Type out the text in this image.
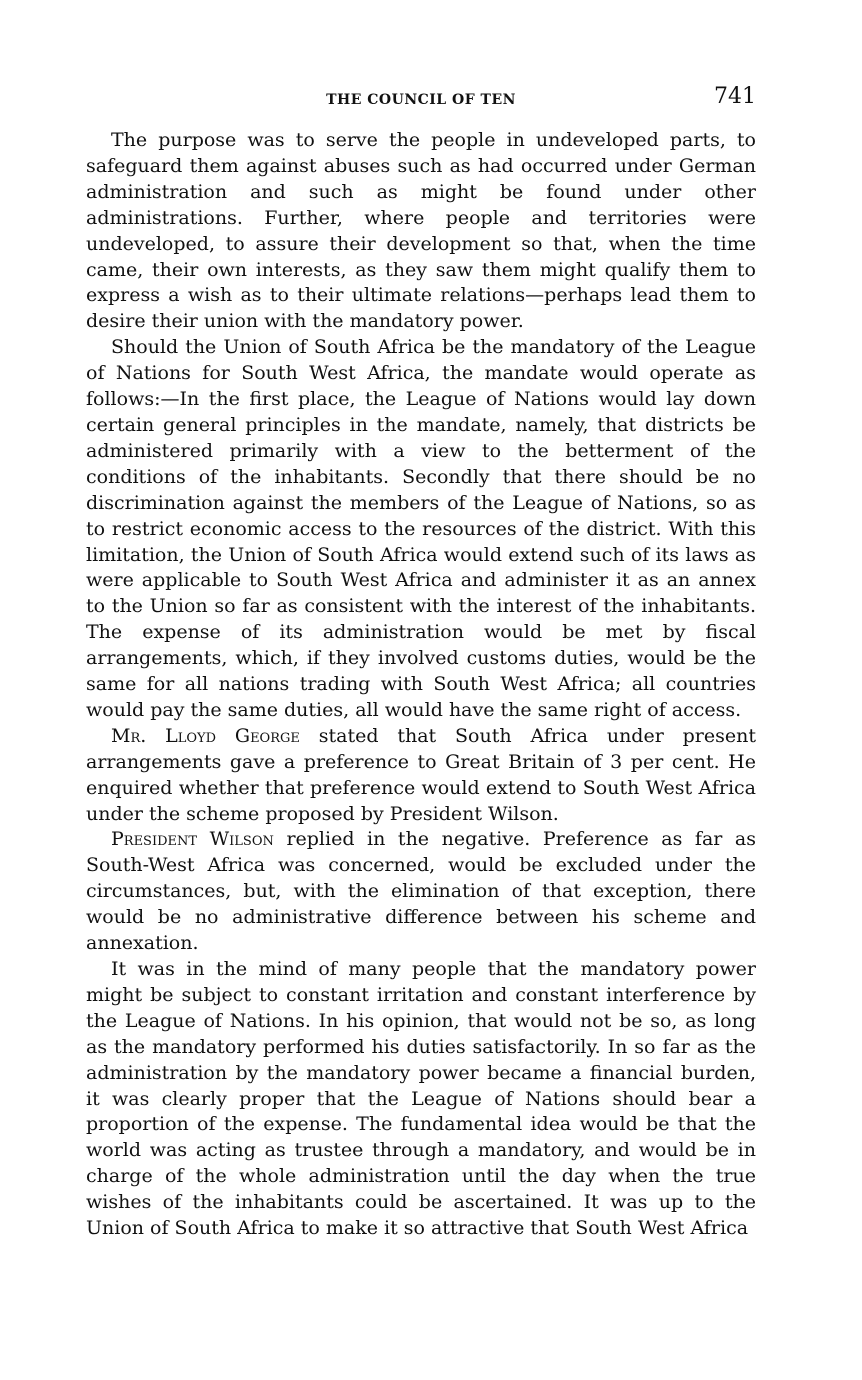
THE COUNCIL OF TEN	741

The purpose was to serve the people in undeveloped parts, to safeguard them against abuses such as had occurred under German administration and such as might be found under other administrations. Further, where people and territories were undeveloped, to assure their development so that, when the time came, their own interests, as they saw them might qualify them to express a wish as to their ultimate relations—perhaps lead them to desire their union with the mandatory power.

Should the Union of South Africa be the mandatory of the League of Nations for South West Africa, the mandate would operate as follows:—In the first place, the League of Nations would lay down certain general principles in the mandate, namely, that districts be administered primarily with a view to the betterment of the conditions of the inhabitants. Secondly that there should be no discrimination against the members of the League of Nations, so as to restrict economic access to the resources of the district. With this limitation, the Union of South Africa would extend such of its laws as were applicable to South West Africa and administer it as an annex to the Union so far as consistent with the interest of the inhabitants. The expense of its administration would be met by fiscal arrangements, which, if they involved customs duties, would be the same for all nations trading with South West Africa; all countries would pay the same duties, all would have the same right of access.

Mr. Lloyd George stated that South Africa under present arrangements gave a preference to Great Britain of 3 per cent. He enquired whether that preference would extend to South West Africa under the scheme proposed by President Wilson.

President Wilson replied in the negative. Preference as far as South-West Africa was concerned, would be excluded under the circumstances, but, with the elimination of that exception, there would be no administrative difference between his scheme and annexation.

It was in the mind of many people that the mandatory power might be subject to constant irritation and constant interference by the League of Nations. In his opinion, that would not be so, as long as the mandatory performed his duties satisfactorily. In so far as the administration by the mandatory power became a financial burden, it was clearly proper that the League of Nations should bear a proportion of the expense. The fundamental idea would be that the world was acting as trustee through a mandatory, and would be in charge of the whole administration until the day when the true wishes of the inhabitants could be ascertained. It was up to the Union of South Africa to make it so attractive that South West Africa
